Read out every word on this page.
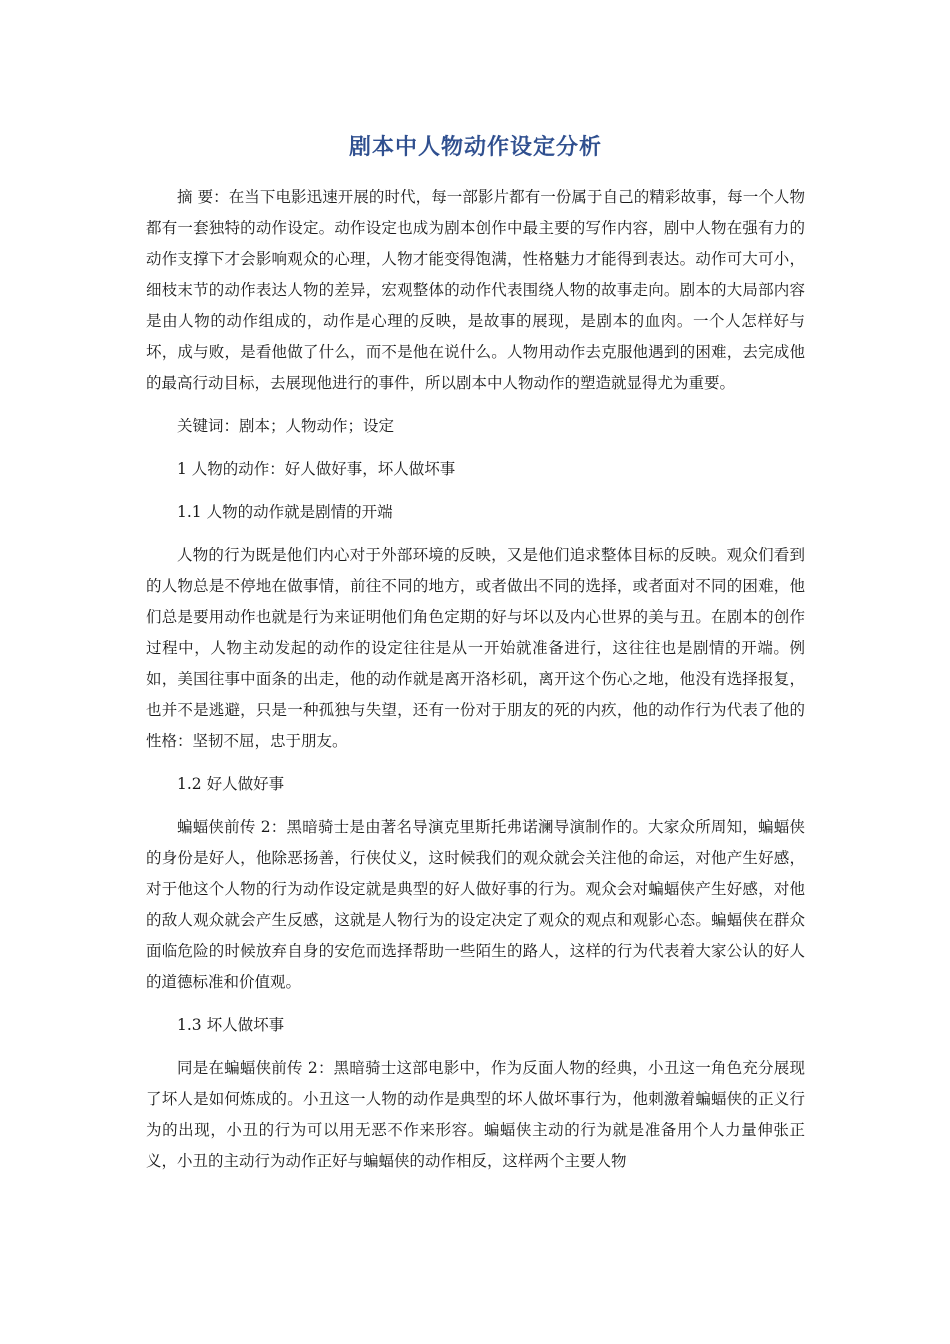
剧本中人物动作设定分析

摘 要：在当下电影迅速开展的时代，每一部影片都有一份属于自己的精彩故事，每一个人物都有一套独特的动作设定。动作设定也成为剧本创作中最主要的写作内容，剧中人物在强有力的动作支撑下才会影响观众的心理，人物才能变得饱满，性格魅力才能得到表达。动作可大可小，细枝末节的动作表达人物的差异，宏观整体的动作代表围绕人物的故事走向。剧本的大局部内容是由人物的动作组成的，动作是心理的反映，是故事的展现，是剧本的血肉。一个人怎样好与坏，成与败，是看他做了什么，而不是他在说什么。人物用动作去克服他遇到的困难，去完成他的最高行动目标，去展现他进行的事件，所以剧本中人物动作的塑造就显得尤为重要。

关键词：剧本；人物动作；设定

1 人物的动作：好人做好事，坏人做坏事

1.1 人物的动作就是剧情的开端

人物的行为既是他们内心对于外部环境的反映，又是他们追求整体目标的反映。观众们看到的人物总是不停地在做事情，前往不同的地方，或者做出不同的选择，或者面对不同的困难，他们总是要用动作也就是行为来证明他们角色定期的好与坏以及内心世界的美与丑。在剧本的创作过程中，人物主动发起的动作的设定往往是从一开始就准备进行，这往往也是剧情的开端。例如，美国往事中面条的出走，他的动作就是离开洛杉矶，离开这个伤心之地，他没有选择报复，也并不是逃避，只是一种孤独与失望，还有一份对于朋友的死的内疚，他的动作行为代表了他的性格：坚韧不屈，忠于朋友。

1.2 好人做好事

蝙蝠侠前传 2：黑暗骑士是由著名导演克里斯托弗诺澜导演制作的。大家众所周知，蝙蝠侠的身份是好人，他除恶扬善，行侠仗义，这时候我们的观众就会关注他的命运，对他产生好感，对于他这个人物的行为动作设定就是典型的好人做好事的行为。观众会对蝙蝠侠产生好感，对他的敌人观众就会产生反感，这就是人物行为的设定决定了观众的观点和观影心态。蝙蝠侠在群众面临危险的时候放弃自身的安危而选择帮助一些陌生的路人，这样的行为代表着大家公认的好人的道德标准和价值观。

1.3 坏人做坏事

同是在蝙蝠侠前传 2：黑暗骑士这部电影中，作为反面人物的经典，小丑这一角色充分展现了坏人是如何炼成的。小丑这一人物的动作是典型的坏人做坏事行为，他刺激着蝙蝠侠的正义行为的出现，小丑的行为可以用无恶不作来形容。蝙蝠侠主动的行为就是准备用个人力量伸张正义，小丑的主动行为动作正好与蝙蝠侠的动作相反，这样两个主要人物
